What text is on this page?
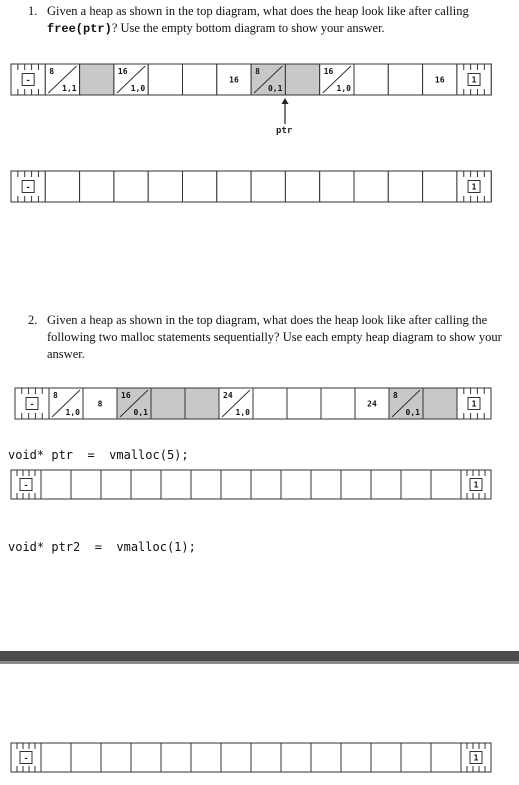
1. Given a heap as shown in the top diagram, what does the heap look like after calling free(ptr)? Use the empty bottom diagram to show your answer.
-
8
1,1
16
1,0
16
8
0,1
16
1,0
16	1
ptr
-	1
2. Given a heap as shown in the top diagram, what does the heap look like after calling the following two malloc statements sequentially? Use each empty heap diagram to show your answer.
-
8
1,0
8
16
0,1
24
1,0
24
8
0,1
1
void* ptr  =  vmalloc(5);
-	1
void* ptr2  =  vmalloc(1);
-	1
